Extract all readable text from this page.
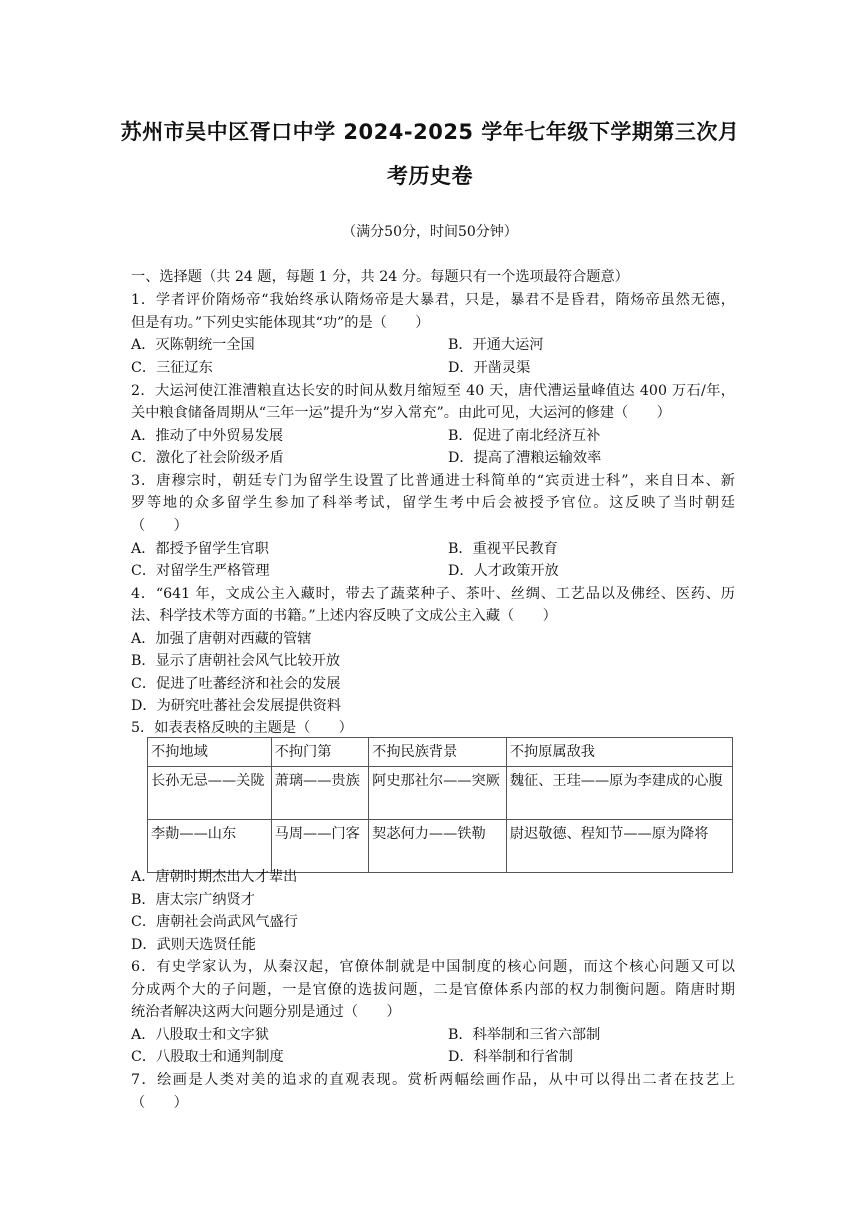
苏州市吴中区胥口中学 2024-2025 学年七年级下学期第三次月
考历史卷
（满分50分，时间50分钟）
一、选择题（共 24 题，每题 1 分，共 24 分。每题只有一个选项最符合题意）
1．学者评价隋炀帝“我始终承认隋炀帝是大暴君，只是，暴君不是昏君，隋炀帝虽然无德，
但是有功。”下列史实能体现其“功”的是（　　）
A．灭陈朝统一全国	B．开通大运河
C．三征辽东	D．开凿灵渠
2．大运河使江淮漕粮直达长安的时间从数月缩短至 40 天，唐代漕运量峰值达 400 万石/年，
关中粮食储备周期从“三年一运”提升为“岁入常充”。由此可见，大运河的修建（　　）
A．推动了中外贸易发展	B．促进了南北经济互补
C．激化了社会阶级矛盾	D．提高了漕粮运输效率
3．唐穆宗时，朝廷专门为留学生设置了比普通进士科简单的“宾贡进士科”，来自日本、新
罗等地的众多留学生参加了科举考试，留学生考中后会被授予官位。这反映了当时朝廷
（　　）
A．都授予留学生官职	B．重视平民教育
C．对留学生严格管理	D．人才政策开放
4．“641 年，文成公主入藏时，带去了蔬菜种子、茶叶、丝绸、工艺品以及佛经、医药、历
法、科学技术等方面的书籍。”上述内容反映了文成公主入藏（　　）
A．加强了唐朝对西藏的管辖
B．显示了唐朝社会风气比较开放
C．促进了吐蕃经济和社会的发展
D．为研究吐蕃社会发展提供资料
5．如表表格反映的主题是（　　）
不拘地域	不拘门第	不拘民族背景	不拘原属敌我
长孙无忌——关陇	萧璃——贵族	阿史那社尔——突厥	魏征、王珪——原为李建成的心腹
李勣——山东	马周——门客	契苾何力——铁勒	尉迟敬德、程知节——原为降将
A．唐朝时期杰出人才辈出
B．唐太宗广纳贤才
C．唐朝社会尚武风气盛行
D．武则天选贤任能
6．有史学家认为，从秦汉起，官僚体制就是中国制度的核心问题，而这个核心问题又可以
分成两个大的子问题，一是官僚的选拔问题，二是官僚体系内部的权力制衡问题。隋唐时期
统治者解决这两大问题分别是通过（　　）
A．八股取士和文字狱	B．科举制和三省六部制
C．八股取士和通判制度	D．科举制和行省制
7．绘画是人类对美的追求的直观表现。赏析两幅绘画作品，从中可以得出二者在技艺上
（　　）
